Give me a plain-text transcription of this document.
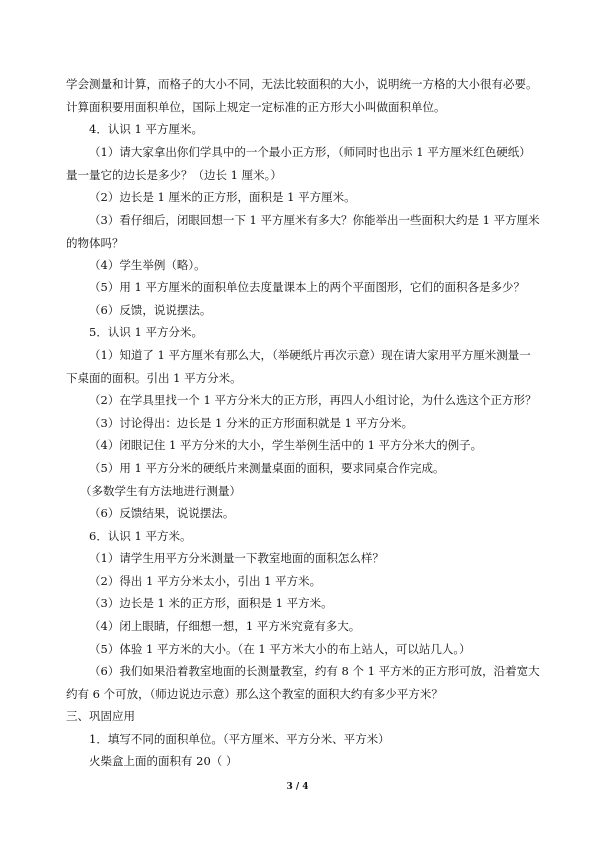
学会测量和计算，而格子的大小不同，无法比较面积的大小，说明统一方格的大小很有必要。计算面积要用面积单位，国际上规定一定标准的正方形大小叫做面积单位。
4．认识 1 平方厘米。
（1）请大家拿出你们学具中的一个最小正方形，（师同时也出示 1 平方厘米红色硬纸）量一量它的边长是多少？（边长 1 厘米。）
（2）边长是 1 厘米的正方形，面积是 1 平方厘米。
（3）看仔细后，闭眼回想一下 1 平方厘米有多大？你能举出一些面积大约是 1 平方厘米的物体吗？
（4）学生举例（略）。
（5）用 1 平方厘米的面积单位去度量课本上的两个平面图形，它们的面积各是多少？
（6）反馈，说说摆法。
5．认识 1 平方分米。
（1）知道了 1 平方厘米有那么大，（举硬纸片再次示意）现在请大家用平方厘米测量一下桌面的面积。引出 1 平方分米。
（2）在学具里找一个 1 平方分米大的正方形，再四人小组讨论，为什么选这个正方形？
（3）讨论得出：边长是 1 分米的正方形面积就是 1 平方分米。
（4）闭眼记住 1 平方分米的大小，学生举例生活中的 1 平方分米大的例子。
（5）用 1 平方分米的硬纸片来测量桌面的面积，要求同桌合作完成。
（多数学生有方法地进行测量）
（6）反馈结果，说说摆法。
6．认识 1 平方米。
（1）请学生用平方分米测量一下教室地面的面积怎么样？
（2）得出 1 平方分米太小，引出 1 平方米。
（3）边长是 1 米的正方形，面积是 1 平方米。
（4）闭上眼睛，仔细想一想，1 平方米究竟有多大。
（5）体验 1 平方米的大小。（在 1 平方米大小的布上站人，可以站几人。）
（6）我们如果沿着教室地面的长测量教室，约有 8 个 1 平方米的正方形可放，沿着宽大约有 6 个可放，（师边说边示意）那么这个教室的面积大约有多少平方米？
三、巩固应用
1．填写不同的面积单位。（平方厘米、平方分米、平方米）
火柴盒上面的面积有 20（ ）
3 / 4
